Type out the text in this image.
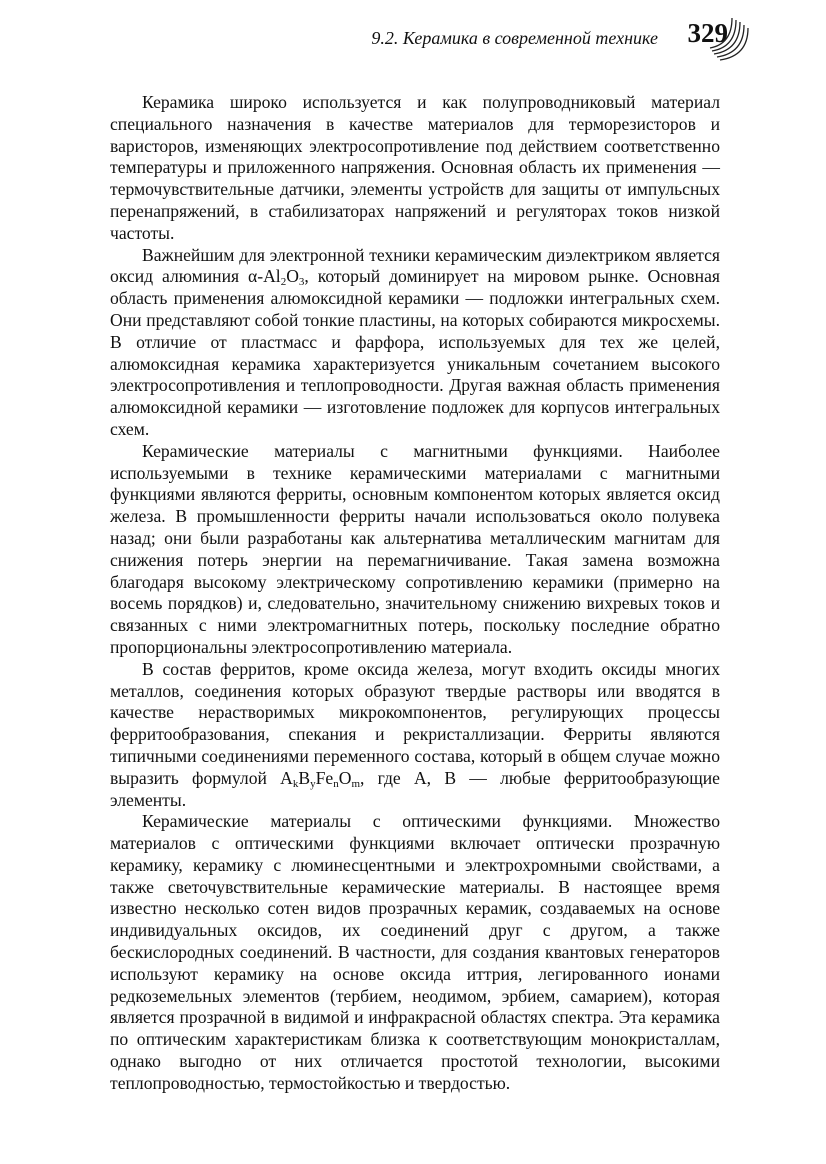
9.2. Керамика в современной технике 329

Керамика широко используется и как полупроводниковый материал специального назначения в качестве материалов для терморезисторов и варисторов, изменяющих электросопротивление под действием соответственно температуры и приложенного напряжения. Основная область их применения — термочувствительные датчики, элементы устройств для защиты от импульсных перенапряжений, в стабилизаторах напряжений и регуляторах токов низкой частоты.

Важнейшим для электронной техники керамическим диэлектриком является оксид алюминия $\alpha-Al_2O_3$, который доминирует на мировом рынке. Основная область применения алюмоксидной керамики — подложки интегральных схем. Они представляют собой тонкие пластины, на которых собираются микросхемы. В отличие от пластмасс и фарфора, используемых для тех же целей, алюмоксидная керамика характеризуется уникальным сочетанием высокого электросопротивления и теплопроводности. Другая важная область применения алюмоксидной керамики — изготовление подложек для корпусов интегральных схем.

Керамические материалы с магнитными функциями. Наиболее используемыми в технике керамическими материалами с магнитными функциями являются ферриты, основным компонентом которых является оксид железа. В промышленности ферриты начали использоваться около полувека назад; они были разработаны как альтернатива металлическим магнитам для снижения потерь энергии на перемагничивание. Такая замена возможна благодаря высокому электрическому сопротивлению керамики (примерно на восемь порядков) и, следовательно, значительному снижению вихревых токов и связанных с ними электромагнитных потерь, поскольку последние обратно пропорциональны электросопротивлению материала.

В состав ферритов, кроме оксида железа, могут входить оксиды многих металлов, соединения которых образуют твердые растворы или вводятся в качестве нерастворимых микрокомпонентов, регулирующих процессы ферритообразования, спекания и рекристаллизации. Ферриты являются типичными соединениями переменного состава, который в общем случае можно выразить формулой $A_kB_yFe_nO_m$, где A, B — любые ферритообразующие элементы.

Керамические материалы с оптическими функциями. Множество материалов с оптическими функциями включает оптически прозрачную керамику, керамику с люминесцентными и электрохромными свойствами, а также светочувствительные керамические материалы. В настоящее время известно несколько сотен видов прозрачных керамик, создаваемых на основе индивидуальных оксидов, их соединений друг с другом, а также бескислородных соединений. В частности, для создания квантовых генераторов используют керамику на основе оксида иттрия, легированного ионами редкоземельных элементов (тербием, неодимом, эрбием, самарием), которая является прозрачной в видимой и инфракрасной областях спектра. Эта керамика по оптическим характеристикам близка к соответствующим монокристаллам, однако выгодно от них отличается простотой технологии, высокими теплопроводностью, термостойкостью и твердостью.
